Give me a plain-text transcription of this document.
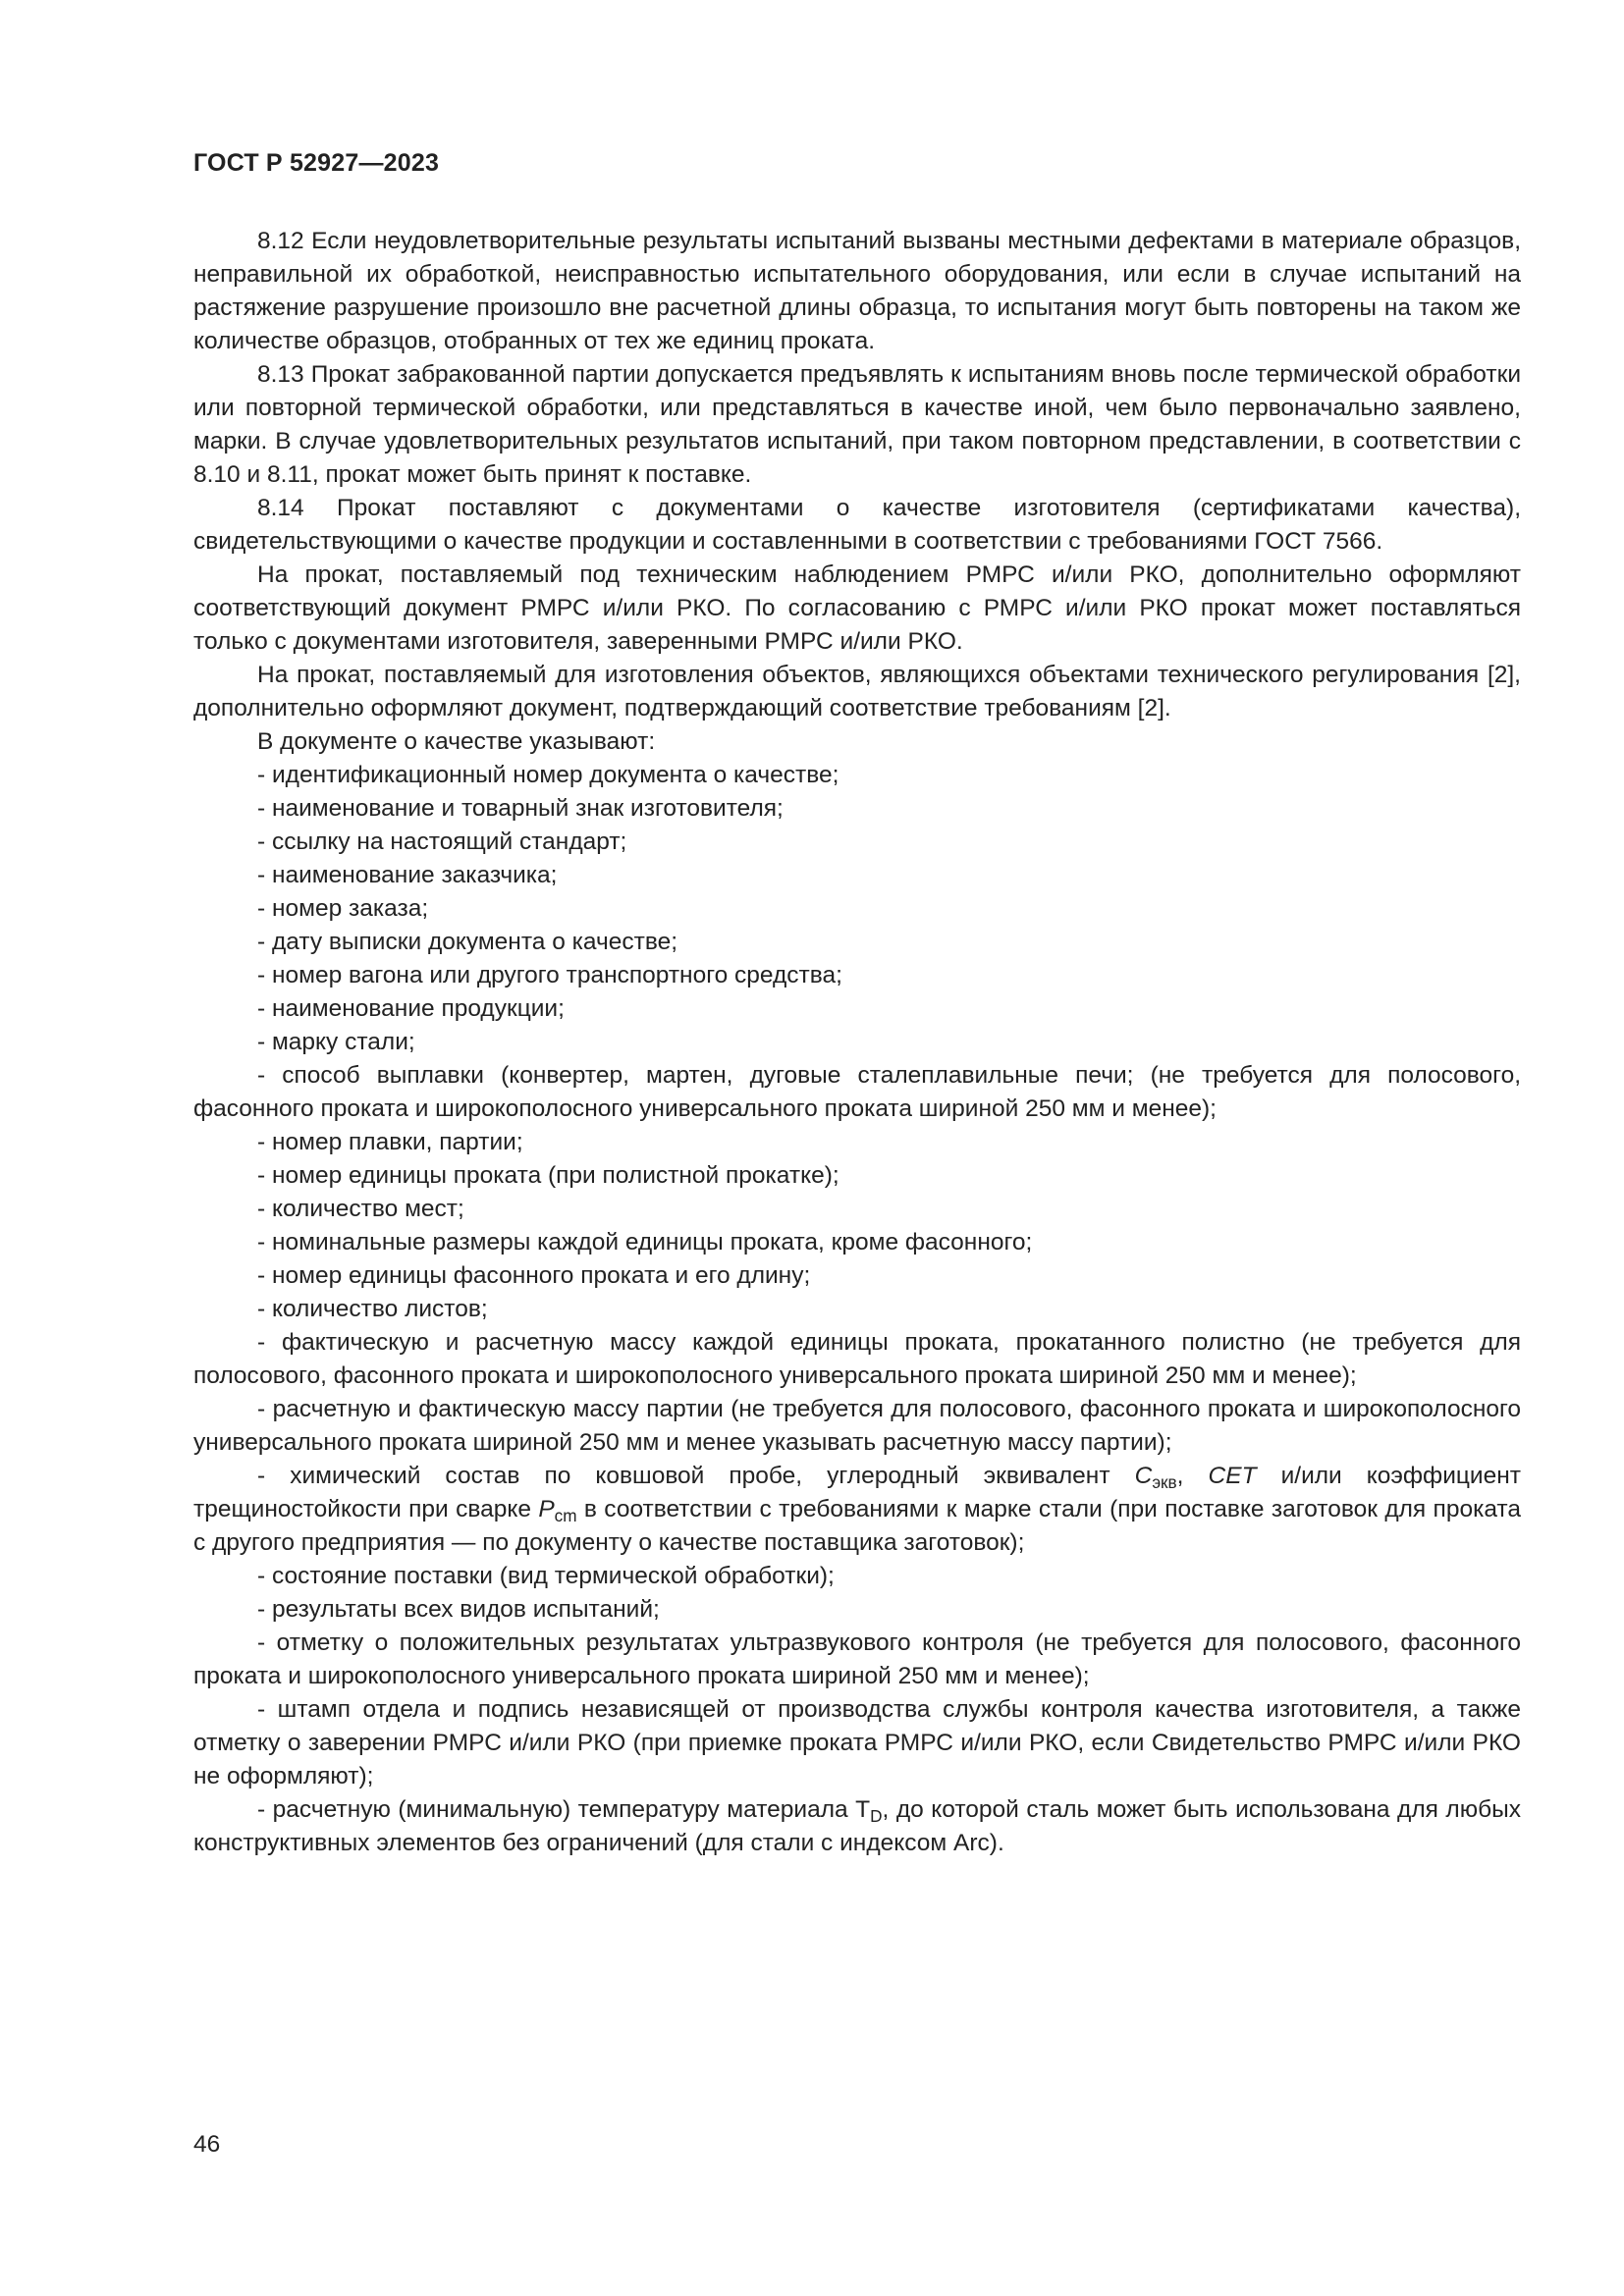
ГОСТ Р 52927—2023

8.12 Если неудовлетворительные результаты испытаний вызваны местными дефектами в материале образцов, неправильной их обработкой, неисправностью испытательного оборудования, или если в случае испытаний на растяжение разрушение произошло вне расчетной длины образца, то испытания могут быть повторены на таком же количестве образцов, отобранных от тех же единиц проката.

8.13 Прокат забракованной партии допускается предъявлять к испытаниям вновь после термической обработки или повторной термической обработки, или представляться в качестве иной, чем было первоначально заявлено, марки. В случае удовлетворительных результатов испытаний, при таком повторном представлении, в соответствии с 8.10 и 8.11, прокат может быть принят к поставке.

8.14 Прокат поставляют с документами о качестве изготовителя (сертификатами качества), свидетельствующими о качестве продукции и составленными в соответствии с требованиями ГОСТ 7566.

На прокат, поставляемый под техническим наблюдением РМРС и/или РКО, дополнительно оформляют соответствующий документ РМРС и/или РКО. По согласованию с РМРС и/или РКО прокат может поставляться только с документами изготовителя, заверенными РМРС и/или РКО.

На прокат, поставляемый для изготовления объектов, являющихся объектами технического регулирования [2], дополнительно оформляют документ, подтверждающий соответствие требованиям [2].

В документе о качестве указывают:

- идентификационный номер документа о качестве;

- наименование и товарный знак изготовителя;

- ссылку на настоящий стандарт;

- наименование заказчика;

- номер заказа;

- дату выписки документа о качестве;

- номер вагона или другого транспортного средства;

- наименование продукции;

- марку стали;

- способ выплавки (конвертер, мартен, дуговые сталеплавильные печи; (не требуется для полосового, фасонного проката и широкополосного универсального проката шириной 250 мм и менее);

- номер плавки, партии;

- номер единицы проката (при полистной прокатке);

- количество мест;

- номинальные размеры каждой единицы проката, кроме фасонного;

- номер единицы фасонного проката и его длину;

- количество листов;

- фактическую и расчетную массу каждой единицы проката, прокатанного полистно (не требуется для полосового, фасонного проката и широкополосного универсального проката шириной 250 мм и менее);

- расчетную и фактическую массу партии (не требуется для полосового, фасонного проката и широкополосного универсального проката шириной 250 мм и менее указывать расчетную массу партии);

- химический состав по ковшовой пробе, углеродный эквивалент $C_{экв}$, CET и/или коэффициент трещиностойкости при сварке $P_{cm}$ в соответствии с требованиями к марке стали (при поставке заготовок для проката с другого предприятия — по документу о качестве поставщика заготовок);

- состояние поставки (вид термической обработки);

- результаты всех видов испытаний;

- отметку о положительных результатах ультразвукового контроля (не требуется для полосового, фасонного проката и широкополосного универсального проката шириной 250 мм и менее);

- штамп отдела и подпись независящей от производства службы контроля качества изготовителя, а также отметку о заверении РМРС и/или РКО (при приемке проката РМРС и/или РКО, если Свидетельство РМРС и/или РКО не оформляют);

- расчетную (минимальную) температуру материала $T_D$, до которой сталь может быть использована для любых конструктивных элементов без ограничений (для стали с индексом Arc).

46
